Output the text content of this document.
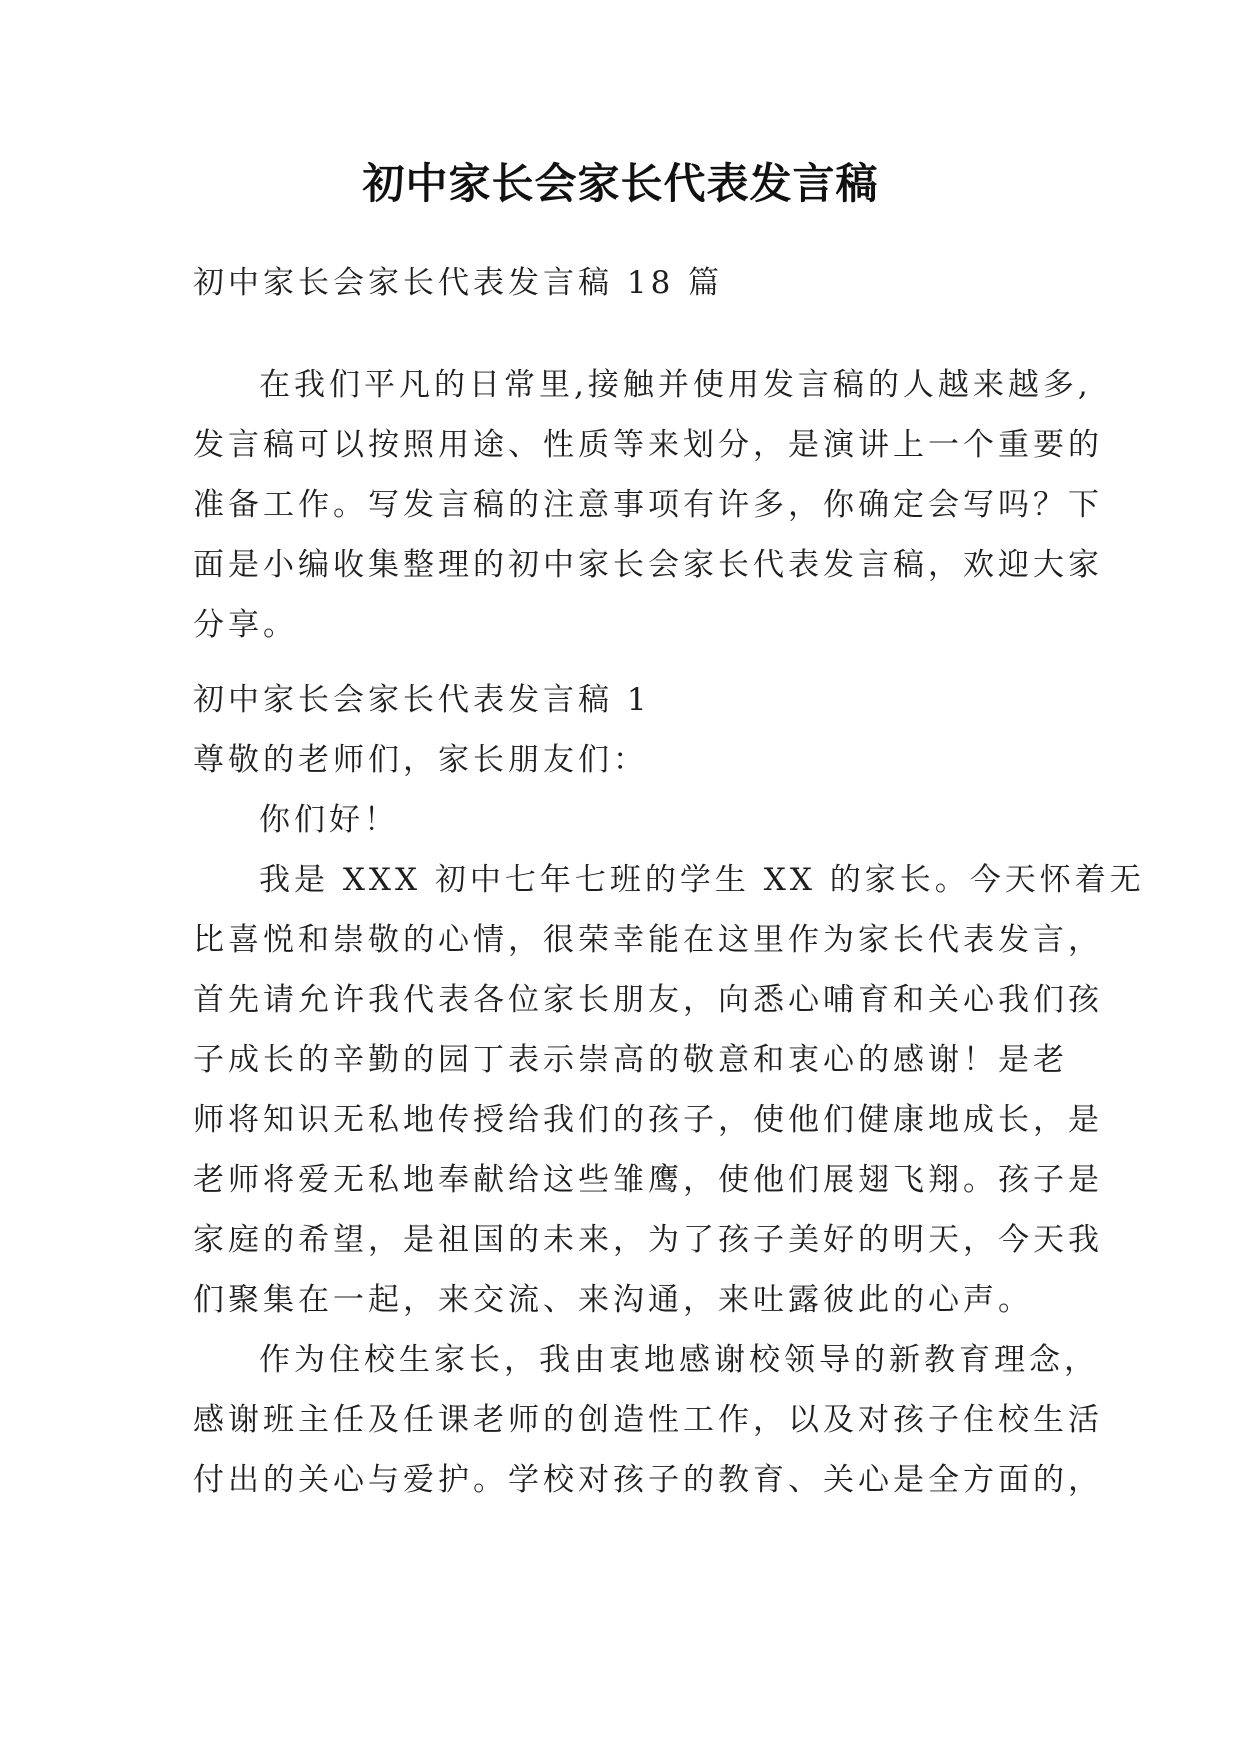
初中家长会家长代表发言稿
初中家长会家长代表发言稿 18 篇
在我们平凡的日常里,接触并使用发言稿的人越来越多,
发言稿可以按照用途、性质等来划分，是演讲上一个重要的
准备工作。写发言稿的注意事项有许多，你确定会写吗？下
面是小编收集整理的初中家长会家长代表发言稿，欢迎大家
分享。
初中家长会家长代表发言稿 1
尊敬的老师们，家长朋友们：
你们好！
我是 XXX 初中七年七班的学生 XX 的家长。今天怀着无
比喜悦和崇敬的心情，很荣幸能在这里作为家长代表发言，
首先请允许我代表各位家长朋友，向悉心哺育和关心我们孩
子成长的辛勤的园丁表示崇高的敬意和衷心的感谢！是老
师将知识无私地传授给我们的孩子，使他们健康地成长，是
老师将爱无私地奉献给这些雏鹰，使他们展翅飞翔。孩子是
家庭的希望，是祖国的未来，为了孩子美好的明天，今天我
们聚集在一起，来交流、来沟通，来吐露彼此的心声。
作为住校生家长，我由衷地感谢校领导的新教育理念，
感谢班主任及任课老师的创造性工作，以及对孩子住校生活
付出的关心与爱护。学校对孩子的教育、关心是全方面的，
